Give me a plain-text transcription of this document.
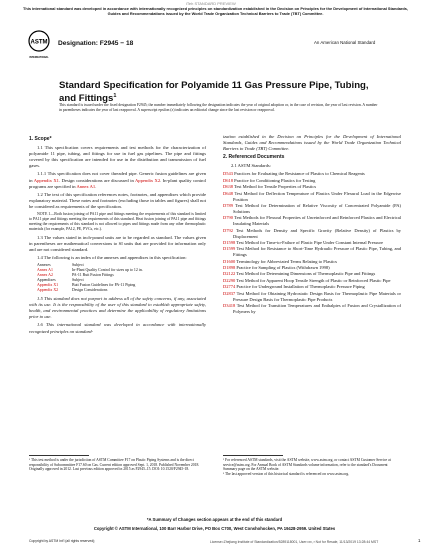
iTeh STANDARD PREVIEW
This international standard was developed in accordance with internationally recognized principles on standardization established in the Decision on Principles for the Development of International Standards, Guides and Recommendations issued by the World Trade Organization Technical Barriers to Trade (TBT) Committee.
ASTM
INTERNATIONAL
Designation: F2945 − 18	An American National Standard
Standard Specification for Polyamide 11 Gas Pressure Pipe, Tubing, and Fittings$^1$
This standard is issued under the fixed designation F2945; the number immediately following the designation indicates the year of original adoption or, in the case of revision, the year of last revision. A number in parentheses indicates the year of last reapproval. A superscript epsilon (ε) indicates an editorial change since the last revision or reapproval.
1. Scope*

1.1 This specification covers requirements and test methods for the characterization of polyamide 11 pipe, tubing, and fittings for use in fuel gas pipelines. The pipe and fittings covered by this specification are intended for use in the distribution and transmission of fuel gases.

1.1.1 This specification does not cover threaded pipe. Generic fusion guidelines are given in Appendix X1. Design considerations are discussed in Appendix X2. In-plant quality control programs are specified in Annex A1.

1.2 The text of this specification references notes, footnotes, and appendixes which provide explanatory material. These notes and footnotes (excluding those in tables and figures) shall not be considered as requirements of the specification.

NOTE 1—Both fusion joining of PA11 pipe and fittings meeting the requirements of this standard is limited to PA11 pipe and fittings meeting the requirements of this standard. Heat fusion joining of PA11 pipe and fittings meeting the requirements of this standard is not allowed to pipes and fittings made from any other thermoplastic materials (for example, PA12, PE, PVCs, etc.).

1.3 The values stated in inch-pound units are to be regarded as standard. The values given in parentheses are mathematical conversions to SI units that are provided for information only and are not considered standard.

1.4 The following is an index of the annexes and appendixes in this specification:

Annexes	Subject
Annex A1	In-Plant Quality Control for sizes up to 12 in.
Annex A2	PA-11 Butt Fusion Fittings
Appendixes	Subject
Appendix X1	Butt Fusion Guidelines for PA-11 Piping
Appendix X2	Design Considerations

1.5 This standard does not purport to address all of the safety concerns, if any, associated with its use. It is the responsibility of the user of this standard to establish appropriate safety, health, and environmental practices and determine the applicability of regulatory limitations prior to use.

1.6 This international standard was developed in accordance with internationally recognized principles on standard-

ization established in the Decision on Principles for the Development of International Standards, Guides and Recommendations issued by the World Trade Organization Technical Barriers to Trade (TBT) Committee.

2. Referenced Documents

2.1 ASTM Standards:

D543 Practices for Evaluating the Resistance of Plastics to Chemical Reagents
D618 Practice for Conditioning Plastics for Testing
D638 Test Method for Tensile Properties of Plastics
D648 Test Method for Deflection Temperature of Plastics Under Flexural Load in the Edgewise Position
D789 Test Method for Determination of Relative Viscosity of Concentrated Polyamide (PA) Solutions
D790 Test Methods for Flexural Properties of Unreinforced and Reinforced Plastics and Electrical Insulating Materials
D792 Test Methods for Density and Specific Gravity (Relative Density) of Plastics by Displacement
D1598 Test Method for Time-to-Failure of Plastic Pipe Under Constant Internal Pressure
D1599 Test Method for Resistance to Short-Time Hydraulic Pressure of Plastic Pipe, Tubing, and Fittings
D1600 Terminology for Abbreviated Terms Relating to Plastics
D1898 Practice for Sampling of Plastics (Withdrawn 1998)
D2122 Test Method for Determining Dimensions of Thermoplastic Pipe and Fittings
D2290 Test Method for Apparent Hoop Tensile Strength of Plastic or Reinforced Plastic Pipe
D2774 Practice for Underground Installation of Thermoplastic Pressure Piping
D2837 Test Method for Obtaining Hydrostatic Design Basis for Thermoplastic Pipe Materials or Pressure Design Basis for Thermoplastic Pipe Products
D3418 Test Method for Transition Temperatures and Enthalpies of Fusion and Crystallization of Polymers by
¹ This test method is under the jurisdiction of ASTM Committee F17 on Plastic Piping Systems and is the direct responsibility of Subcommittee F17.60 on Gas. Current edition approved Sept. 1, 2018. Published November 2018. Originally approved in 2012. Last previous edition approved in 2015 as F2945–15. DOI: 10.1520/F2945-18.
² For referenced ASTM standards, visit the ASTM website, www.astm.org, or contact ASTM Customer Service at service@astm.org. For Annual Book of ASTM Standards volume information, refer to the standard's Document Summary page on the ASTM website.
³ The last approved version of this historical standard is referenced on www.astm.org.
*A Summary of Changes section appears at the end of this standard
Copyright © ASTM International, 100 Barr Harbor Drive, PO Box C700, West Conshohocken, PA 19428-2959. United States
Copyright by ASTM Int'l (all rights reserved);	License=Zhejiang Institute of Standardization/5289118001, User=xx, r Not for Resale, 11/13/2019 13:28:44 MST	1
